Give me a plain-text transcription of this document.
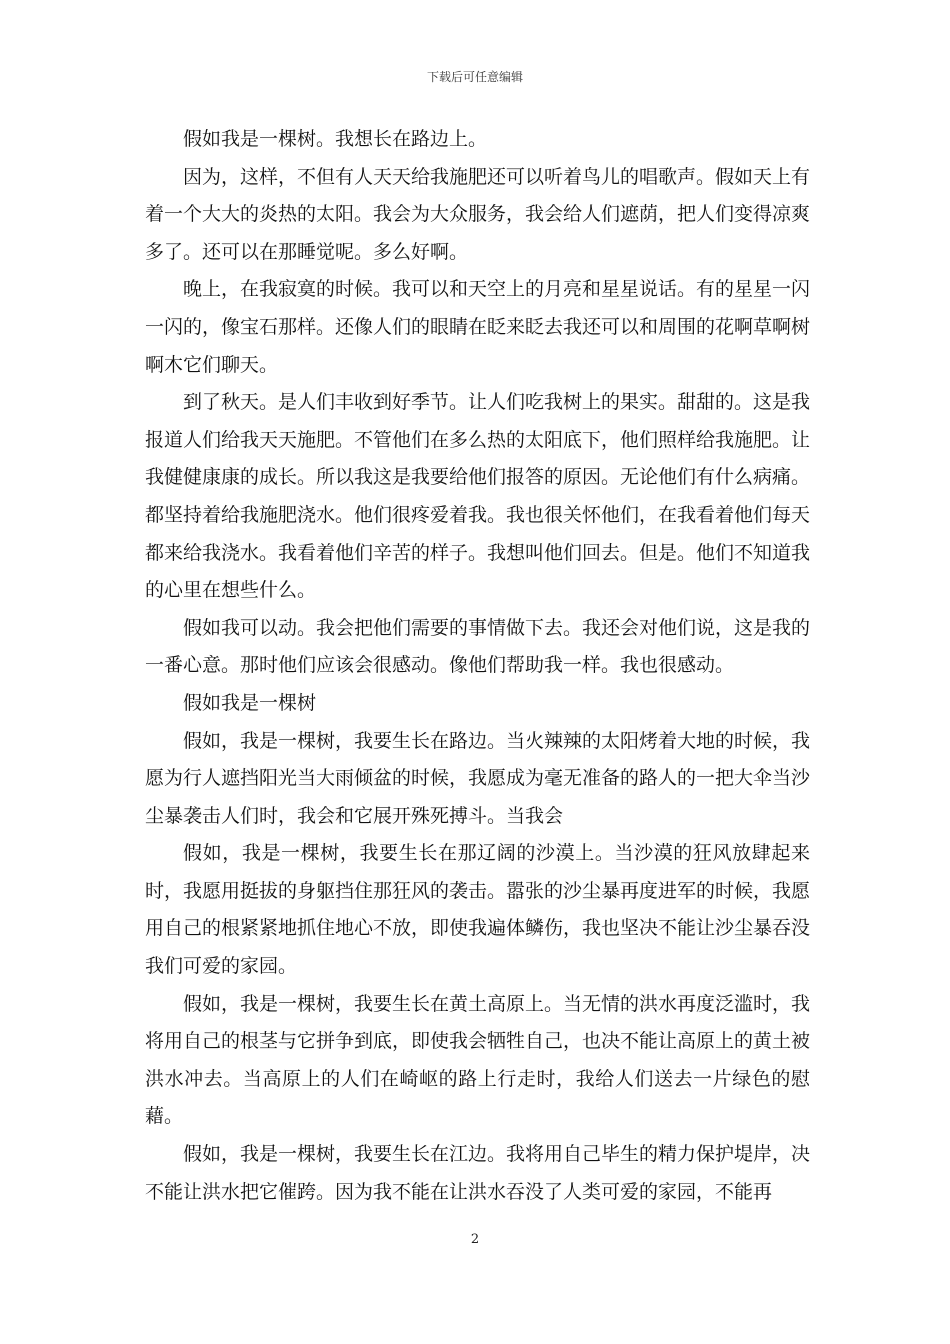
下载后可任意编辑

假如我是一棵树。我想长在路边上。

因为，这样，不但有人天天给我施肥还可以听着鸟儿的唱歌声。假如天上有着一个大大的炎热的太阳。我会为大众服务，我会给人们遮荫，把人们变得凉爽多了。还可以在那睡觉呢。多么好啊。

晚上，在我寂寞的时候。我可以和天空上的月亮和星星说话。有的星星一闪一闪的，像宝石那样。还像人们的眼睛在眨来眨去我还可以和周围的花啊草啊树啊木它们聊天。

到了秋天。是人们丰收到好季节。让人们吃我树上的果实。甜甜的。这是我报道人们给我天天施肥。不管他们在多么热的太阳底下，他们照样给我施肥。让我健健康康的成长。所以我这是我要给他们报答的原因。无论他们有什么病痛。都坚持着给我施肥浇水。他们很疼爱着我。我也很关怀他们，在我看着他们每天都来给我浇水。我看着他们辛苦的样子。我想叫他们回去。但是。他们不知道我的心里在想些什么。

假如我可以动。我会把他们需要的事情做下去。我还会对他们说，这是我的一番心意。那时他们应该会很感动。像他们帮助我一样。我也很感动。

假如我是一棵树

假如，我是一棵树，我要生长在路边。当火辣辣的太阳烤着大地的时候，我愿为行人遮挡阳光当大雨倾盆的时候，我愿成为毫无准备的路人的一把大伞当沙尘暴袭击人们时，我会和它展开殊死搏斗。当我会

假如，我是一棵树，我要生长在那辽阔的沙漠上。当沙漠的狂风放肆起来时，我愿用挺拔的身躯挡住那狂风的袭击。嚣张的沙尘暴再度进军的时候，我愿用自己的根紧紧地抓住地心不放，即使我遍体鳞伤，我也坚决不能让沙尘暴吞没我们可爱的家园。

假如，我是一棵树，我要生长在黄土高原上。当无情的洪水再度泛滥时，我将用自己的根茎与它拼争到底，即使我会牺牲自己，也决不能让高原上的黄土被洪水冲去。当高原上的人们在崎岖的路上行走时，我给人们送去一片绿色的慰藉。

假如，我是一棵树，我要生长在江边。我将用自己毕生的精力保护堤岸，决不能让洪水把它催跨。因为我不能在让洪水吞没了人类可爱的家园，不能再

2
